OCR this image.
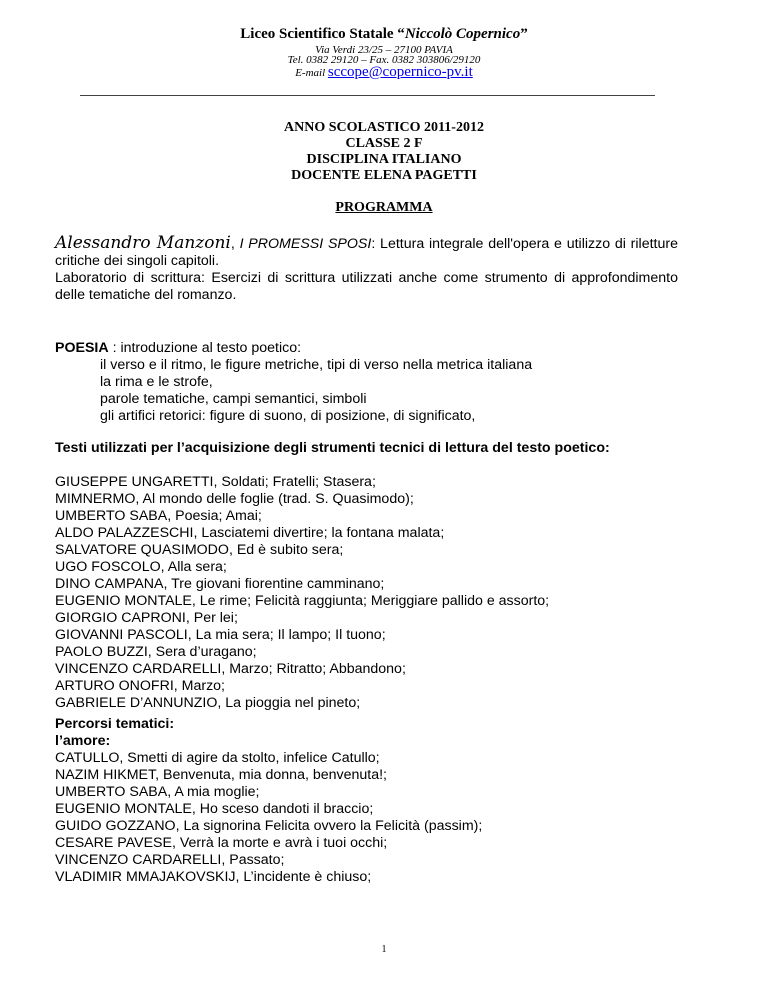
Liceo Scientifico Statale “Niccolò Copernico”
Via Verdi 23/25 – 27100 PAVIA
Tel. 0382 29120 – Fax. 0382 303806/29120
E-mail sccope@copernico-pv.it
ANNO SCOLASTICO 2011-2012
CLASSE 2 F
DISCIPLINA ITALIANO
DOCENTE ELENA PAGETTI
PROGRAMMA
Alessandro Manzoni, I PROMESSI SPOSI: Lettura integrale dell'opera e utilizzo di riletture critiche dei singoli capitoli.
Laboratorio di scrittura: Esercizi di scrittura utilizzati anche come strumento di approfondimento delle tematiche del romanzo.
POESIA : introduzione al testo poetico:
il verso e il ritmo, le figure metriche, tipi di verso nella metrica italiana
la rima e le strofe,
parole tematiche, campi semantici, simboli
gli artifici retorici: figure di suono, di posizione, di significato,
Testi utilizzati per l’acquisizione degli strumenti tecnici di lettura del testo poetico:
GIUSEPPE UNGARETTI, Soldati; Fratelli; Stasera;
MIMNERMO, Al mondo delle foglie (trad. S. Quasimodo);
UMBERTO SABA, Poesia; Amai;
ALDO PALAZZESCHI, Lasciatemi divertire; la fontana malata;
SALVATORE QUASIMODO, Ed è subito sera;
UGO FOSCOLO, Alla sera;
DINO CAMPANA, Tre giovani fiorentine camminano;
EUGENIO MONTALE, Le rime; Felicità raggiunta; Meriggiare pallido e assorto;
GIORGIO CAPRONI, Per lei;
GIOVANNI PASCOLI, La mia sera; Il lampo; Il tuono;
PAOLO BUZZI, Sera d’uragano;
VINCENZO CARDARELLI, Marzo; Ritratto; Abbandono;
ARTURO ONOFRI, Marzo;
GABRIELE D’ANNUNZIO, La pioggia nel pineto;
Percorsi tematici:
l’amore:
CATULLO, Smetti di agire da stolto, infelice Catullo;
NAZIM HIKMET, Benvenuta, mia donna, benvenuta!;
UMBERTO SABA, A mia moglie;
EUGENIO MONTALE, Ho sceso dandoti il braccio;
GUIDO GOZZANO, La signorina Felicita ovvero la Felicità (passim);
CESARE PAVESE, Verrà la morte e avrà i tuoi occhi;
VINCENZO CARDARELLI, Passato;
VLADIMIR MMAJAKOVSKIJ, L’incidente è chiuso;
1
